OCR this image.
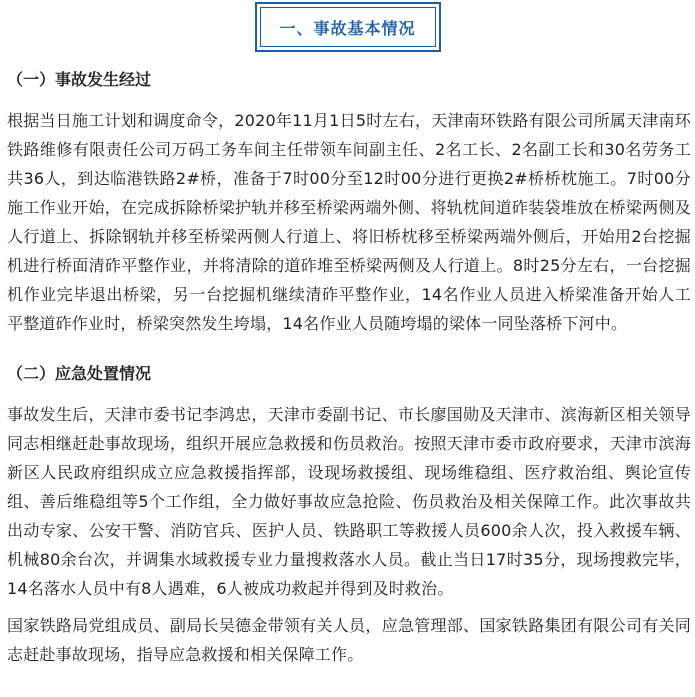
一、事故基本情况
（一）事故发生经过

根据当日施工计划和调度命令，2020年11月1日5时左右，天津南环铁路有限公司所属天津南环铁路维修有限责任公司万码工务车间主任带领车间副主任、2名工长、2名副工长和30名劳务工共36人，到达临港铁路2#桥，准备于7时00分至12时00分进行更换2#桥桥枕施工。7时00分施工作业开始，在完成拆除桥梁护轨并移至桥梁两端外侧、将轨枕间道砟装袋堆放在桥梁两侧及人行道上、拆除钢轨并移至桥梁两侧人行道上、将旧桥枕移至桥梁两端外侧后，开始用2台挖掘机进行桥面清砟平整作业，并将清除的道砟堆至桥梁两侧及人行道上。8时25分左右，一台挖掘机作业完毕退出桥梁，另一台挖掘机继续清砟平整作业，14名作业人员进入桥梁准备开始人工平整道砟作业时，桥梁突然发生垮塌，14名作业人员随垮塌的梁体一同坠落桥下河中。

（二）应急处置情况

事故发生后，天津市委书记李鸿忠，天津市委副书记、市长廖国勋及天津市、滨海新区相关领导同志相继赶赴事故现场，组织开展应急救援和伤员救治。按照天津市委市政府要求，天津市滨海新区人民政府组织成立应急救援指挥部，设现场救援组、现场维稳组、医疗救治组、舆论宣传组、善后维稳组等5个工作组，全力做好事故应急抢险、伤员救治及相关保障工作。此次事故共出动专家、公安干警、消防官兵、医护人员、铁路职工等救援人员600余人次，投入救援车辆、机械80余台次，并调集水域救援专业力量搜救落水人员。截止当日17时35分，现场搜救完毕，14名落水人员中有8人遇难，6人被成功救起并得到及时救治。

国家铁路局党组成员、副局长吴德金带领有关人员，应急管理部、国家铁路集团有限公司有关同志赶赴事故现场，指导应急救援和相关保障工作。
